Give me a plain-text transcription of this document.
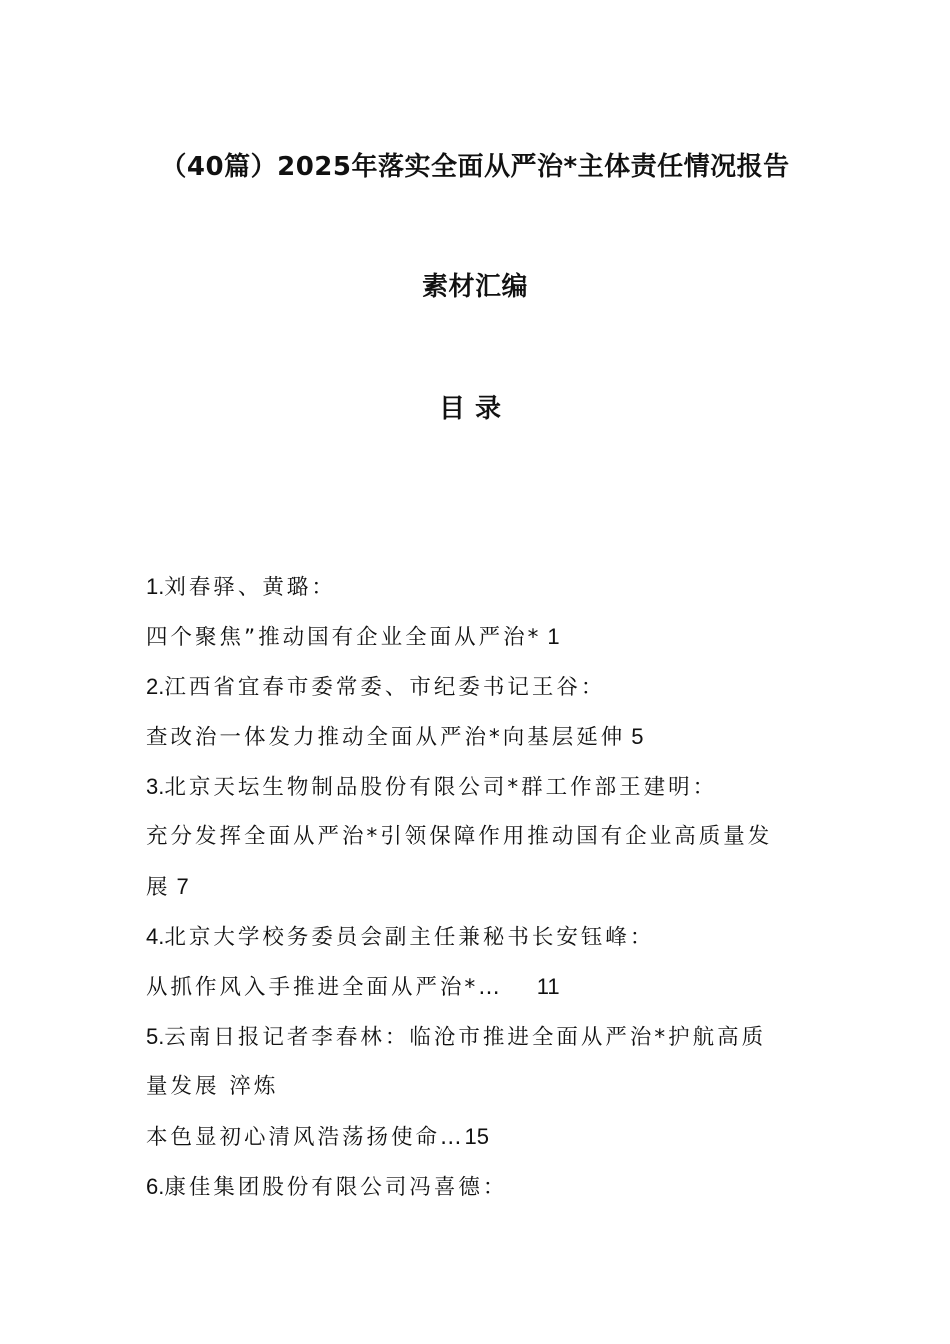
（40篇）2025年落实全面从严治*主体责任情况报告
素材汇编
目录
1.刘春驿、黄璐：
四个聚焦”推动国有企业全面从严治* 1
2.江西省宜春市委常委、市纪委书记王谷：
查改治一体发力推动全面从严治*向基层延伸 5
3.北京天坛生物制品股份有限公司*群工作部王建明：
充分发挥全面从严治*引领保障作用推动国有企业高质量发
展 7
4.北京大学校务委员会副主任兼秘书长安钰峰：
从抓作风入手推进全面从严治*… 11
5.云南日报记者李春林：临沧市推进全面从严治*护航高质
量发展 淬炼
本色显初心清风浩荡扬使命…15
6.康佳集团股份有限公司冯喜德：
